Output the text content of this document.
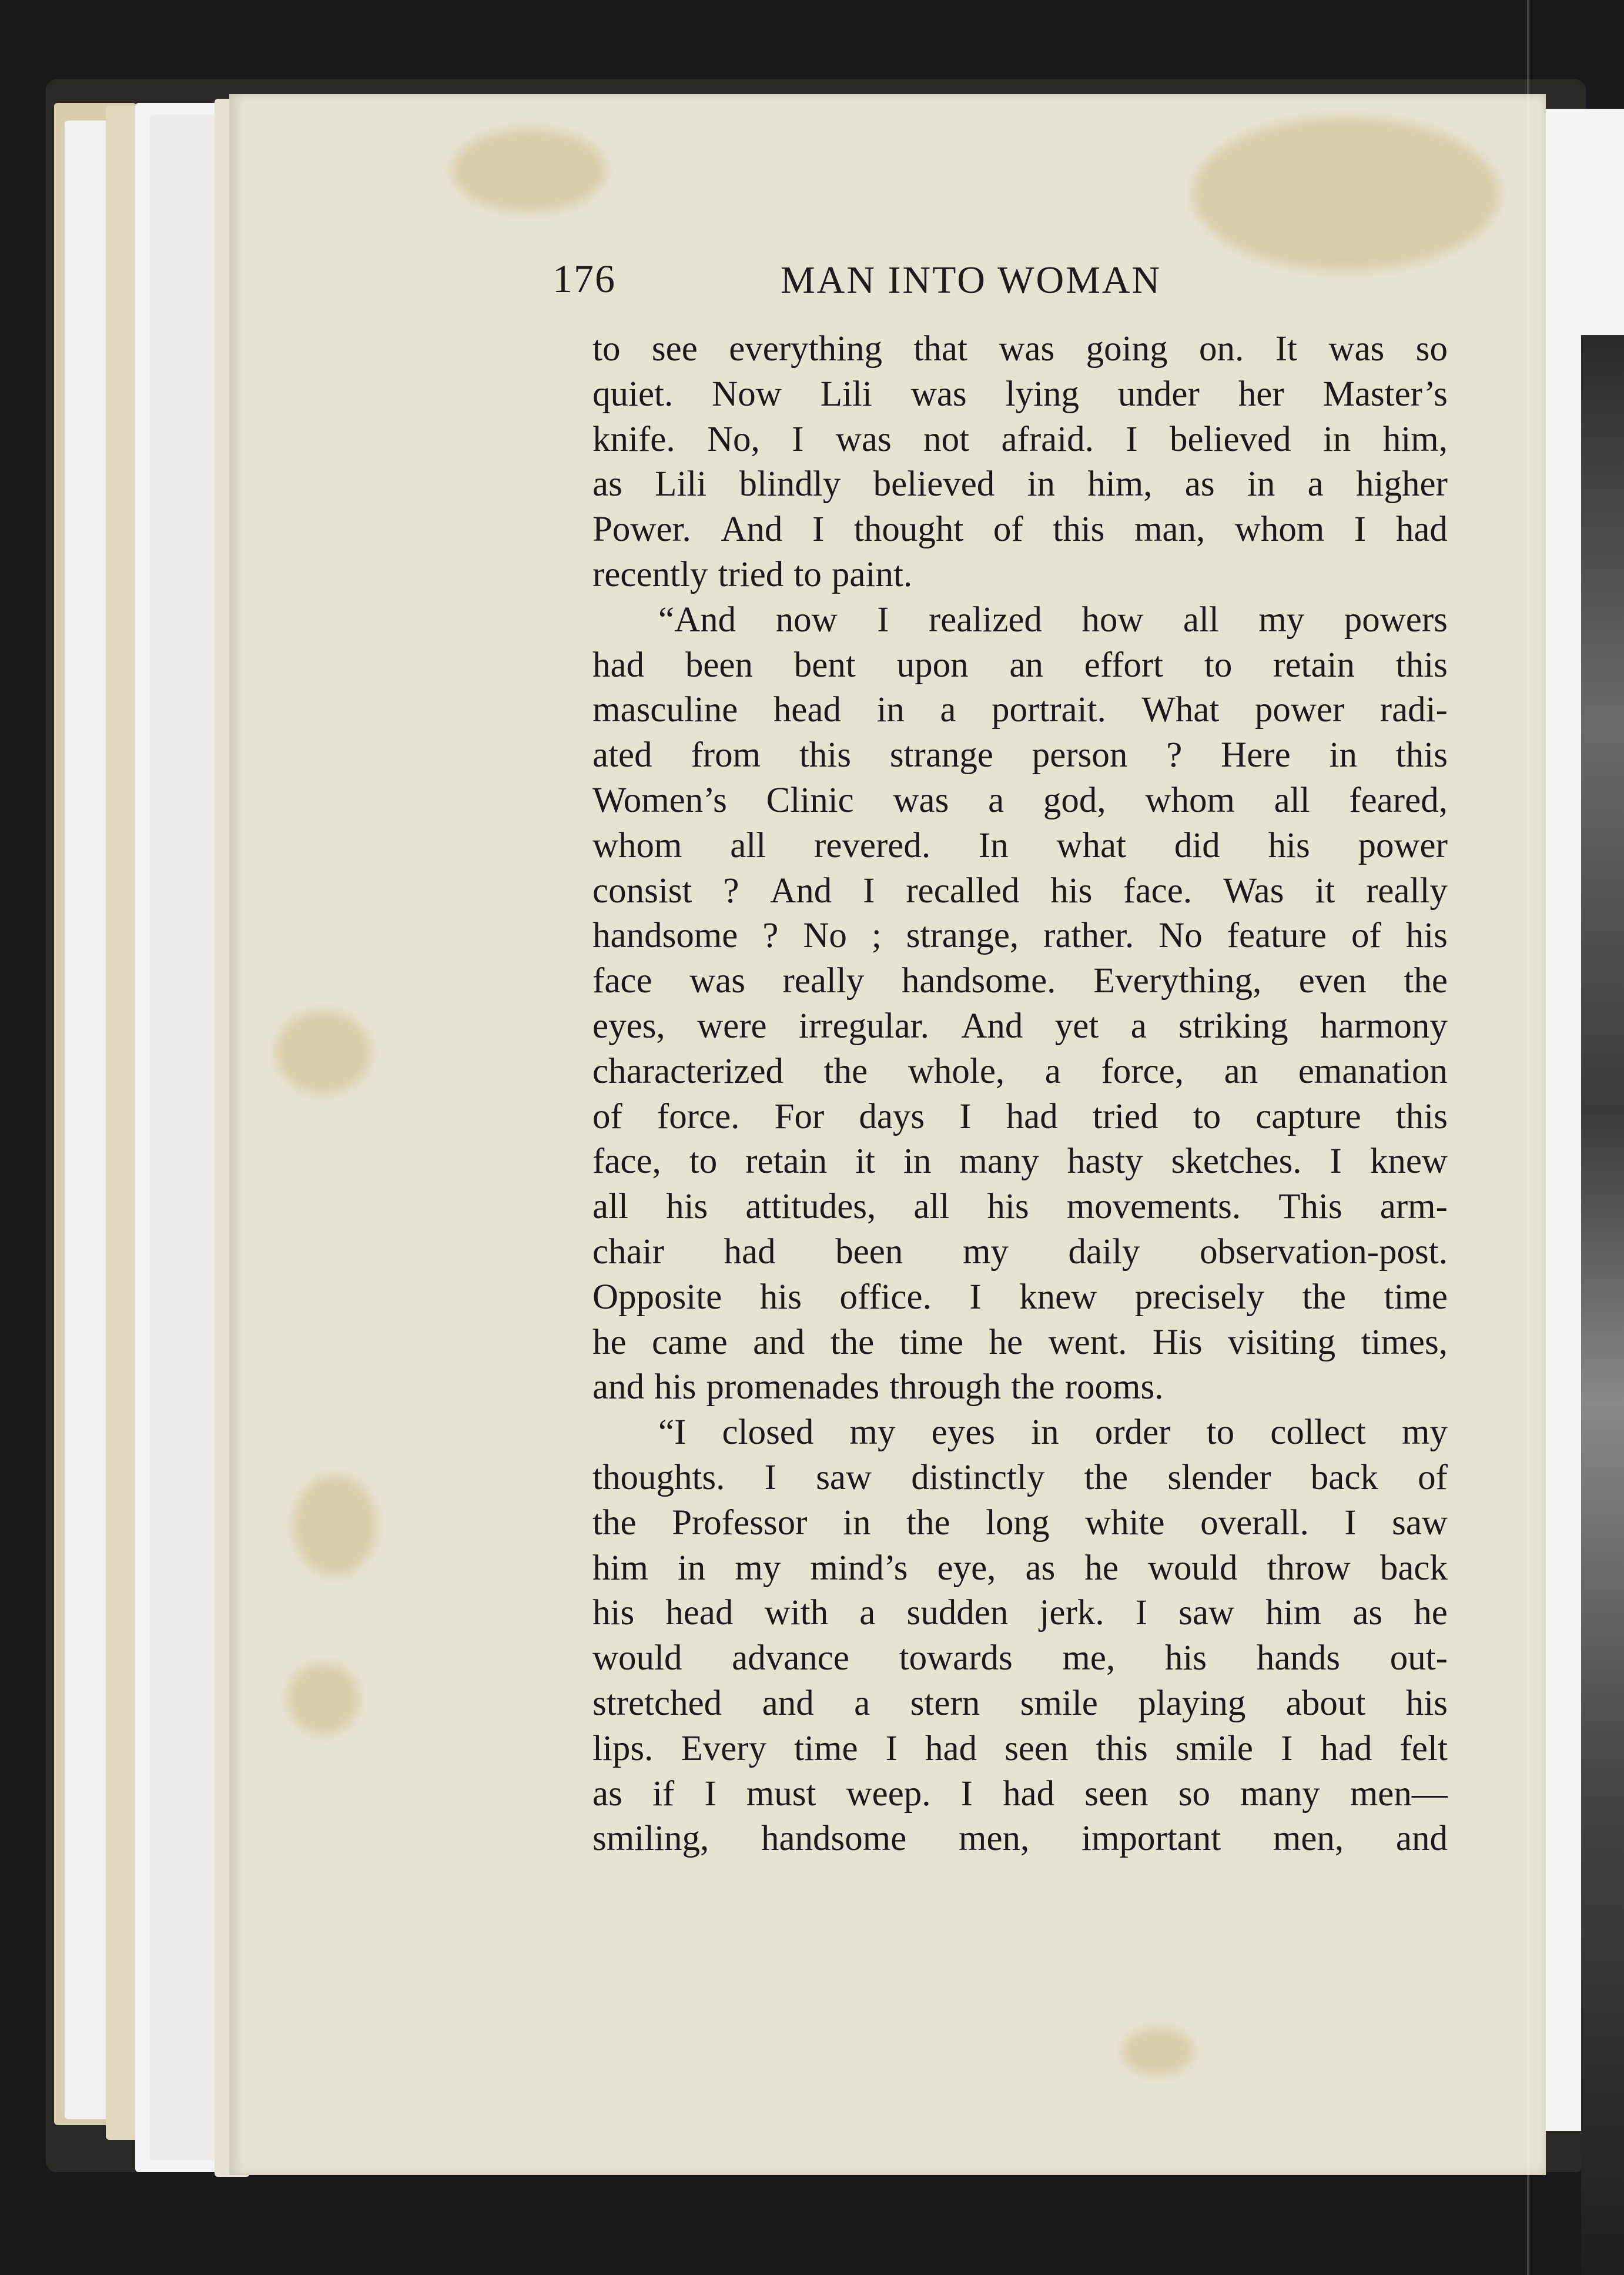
176	MAN INTO WOMAN
to see everything that was going on. It was so
quiet. Now Lili was lying under her Master’s
knife. No, I was not afraid. I believed in him,
as Lili blindly believed in him, as in a higher
Power. And I thought of this man, whom I had
recently tried to paint.
“And now I realized how all my powers
had been bent upon an effort to retain this
masculine head in a portrait. What power radi-
ated from this strange person ? Here in this
Women’s Clinic was a god, whom all feared,
whom all revered. In what did his power
consist ? And I recalled his face. Was it really
handsome ? No ; strange, rather. No feature of his
face was really handsome. Everything, even the
eyes, were irregular. And yet a striking harmony
characterized the whole, a force, an emanation
of force. For days I had tried to capture this
face, to retain it in many hasty sketches. I knew
all his attitudes, all his movements. This arm-
chair had been my daily observation-post.
Opposite his office. I knew precisely the time
he came and the time he went. His visiting times,
and his promenades through the rooms.
“I closed my eyes in order to collect my
thoughts. I saw distinctly the slender back of
the Professor in the long white overall. I saw
him in my mind’s eye, as he would throw back
his head with a sudden jerk. I saw him as he
would advance towards me, his hands out-
stretched and a stern smile playing about his
lips. Every time I had seen this smile I had felt
as if I must weep. I had seen so many men—
smiling, handsome men, important men, and
